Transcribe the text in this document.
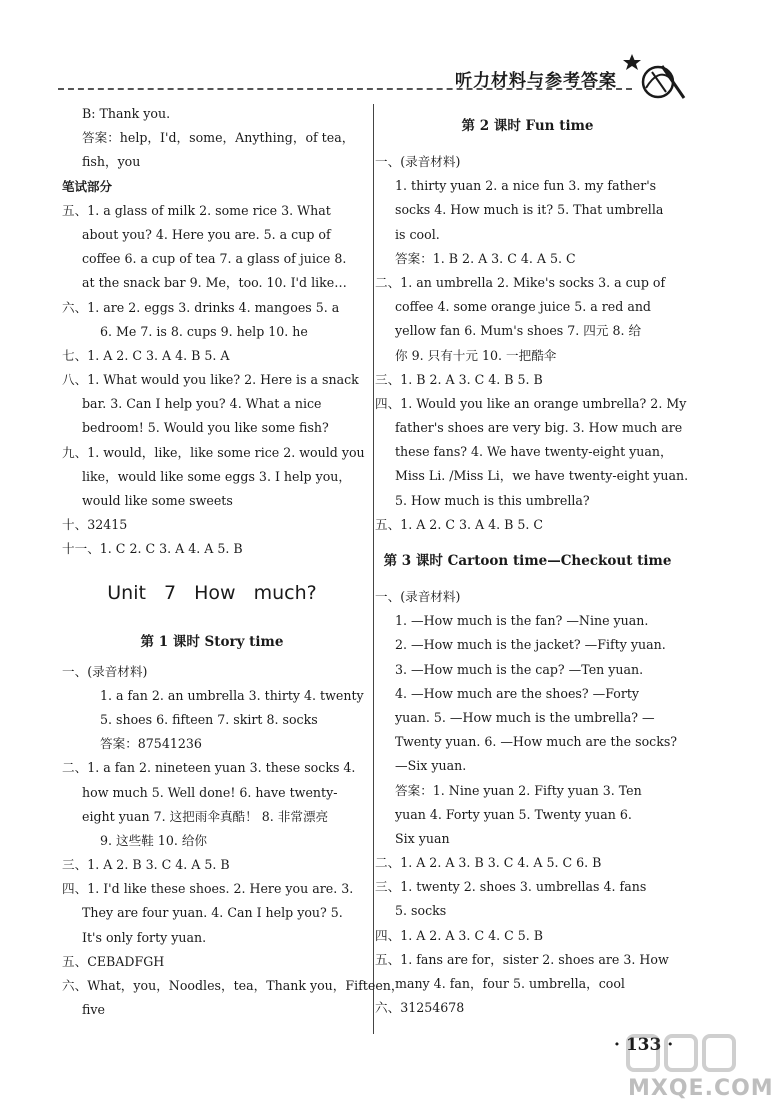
听力材料与参考答案
B: Thank you.
答案：help，I'd，some，Anything，of tea，
fish，you
笔试部分
五、1. a glass of milk 2. some rice 3. What
about you? 4. Here you are. 5. a cup of
coffee 6. a cup of tea 7. a glass of juice 8.
at the snack bar 9. Me，too. 10. I'd like…
六、1. are 2. eggs 3. drinks 4. mangoes 5. a
6. Me 7. is 8. cups 9. help 10. he
七、1. A 2. C 3. A 4. B 5. A
八、1. What would you like? 2. Here is a snack
bar. 3. Can I help you? 4. What a nice
bedroom! 5. Would you like some fish?
九、1. would，like，like some rice 2. would you
like，would like some eggs 3. I help you，
would like some sweets
十、32415
十一、1. C 2. C 3. A 4. A 5. B
Unit 7 How much?
第 1 课时 Story time
一、(录音材料)
1. a fan 2. an umbrella 3. thirty 4. twenty
5. shoes 6. fifteen 7. skirt 8. socks
答案：87541236
二、1. a fan 2. nineteen yuan 3. these socks 4.
how much 5. Well done! 6. have twenty-
eight yuan 7. 这把雨伞真酷！ 8. 非常漂亮
9. 这些鞋 10. 给你
三、1. A 2. B 3. C 4. A 5. B
四、1. I'd like these shoes. 2. Here you are. 3.
They are four yuan. 4. Can I help you? 5.
It's only forty yuan.
五、CEBADFGH
六、What，you，Noodles，tea，Thank you，Fifteen，
five
第 2 课时 Fun time
一、(录音材料)
1. thirty yuan 2. a nice fun 3. my father's
socks 4. How much is it? 5. That umbrella
is cool.
答案：1. B 2. A 3. C 4. A 5. C
二、1. an umbrella 2. Mike's socks 3. a cup of
coffee 4. some orange juice 5. a red and
yellow fan 6. Mum's shoes 7. 四元 8. 给
你 9. 只有十元 10. 一把酷伞
三、1. B 2. A 3. C 4. B 5. B
四、1. Would you like an orange umbrella? 2. My
father's shoes are very big. 3. How much are
these fans? 4. We have twenty-eight yuan，
Miss Li. /Miss Li，we have twenty-eight yuan.
5. How much is this umbrella?
五、1. A 2. C 3. A 4. B 5. C
第 3 课时 Cartoon time—Checkout time
一、(录音材料)
1. —How much is the fan? —Nine yuan.
2. —How much is the jacket? —Fifty yuan.
3. —How much is the cap? —Ten yuan.
4. —How much are the shoes? —Forty
yuan. 5. —How much is the umbrella? —
Twenty yuan. 6. —How much are the socks?
—Six yuan.
答案：1. Nine yuan 2. Fifty yuan 3. Ten
yuan 4. Forty yuan 5. Twenty yuan 6.
Six yuan
二、1. A 2. A 3. B 3. C 4. A 5. C 6. B
三、1. twenty 2. shoes 3. umbrellas 4. fans
5. socks
四、1. A 2. A 3. C 4. C 5. B
五、1. fans are for，sister 2. shoes are 3. How
many 4. fan，four 5. umbrella，cool
六、31254678
· 133 ·
MXQE.COM
